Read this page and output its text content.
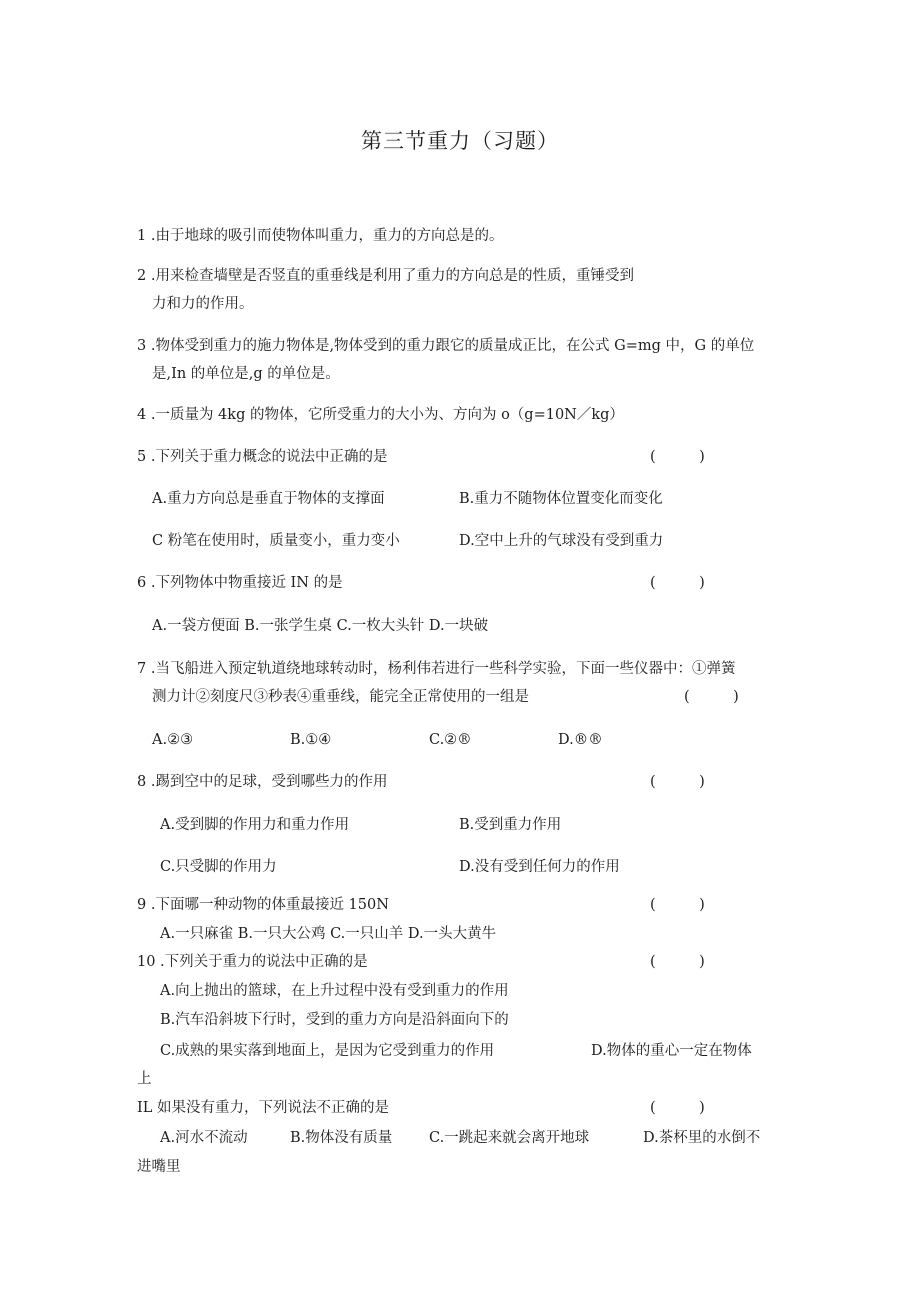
第三节重力（习题）
1 .由于地球的吸引而使物体叫重力，重力的方向总是的。
2 .用来检查墙壁是否竖直的重垂线是利用了重力的方向总是的性质，重锤受到
力和力的作用。
3 .物体受到重力的施力物体是,物体受到的重力跟它的质量成正比，在公式 G=mg 中，G 的单位
是,In 的单位是,g 的单位是。
4 .一质量为 4kg 的物体，它所受重力的大小为、方向为 o（g=10N／kg）
5 .下列关于重力概念的说法中正确的是	(　　　)
A.重力方向总是垂直于物体的支撑面	B.重力不随物体位置变化而变化
C 粉笔在使用时，质量变小，重力变小	D.空中上升的气球没有受到重力
6 .下列物体中物重接近 IN 的是	(　　　)
A.一袋方便面 B.一张学生桌 C.一枚大头针 D.一块破
7 .当飞船进入预定轨道绕地球转动时，杨利伟若进行一些科学实验，下面一些仪器中：①弹簧
测力计②刻度尺③秒表④重垂线，能完全正常使用的一组是	(　　　)
A.②③	B.①④	C.②®	D.®®
8 .踢到空中的足球，受到哪些力的作用	(　　　)
A.受到脚的作用力和重力作用	B.受到重力作用
C.只受脚的作用力	D.没有受到任何力的作用
9 .下面哪一种动物的体重最接近 150N	(　　　)
A.一只麻雀 B.一只大公鸡 C.一只山羊 D.一头大黄牛
10 .下列关于重力的说法中正确的是	(　　　)
A.向上抛出的篮球，在上升过程中没有受到重力的作用
B.汽车沿斜坡下行时，受到的重力方向是沿斜面向下的
C.成熟的果实落到地面上，是因为它受到重力的作用	D.物体的重心一定在物体
上
IL 如果没有重力，下列说法不正确的是	(　　　)
A.河水不流动	B.物体没有质量	C.一跳起来就会离开地球	D.茶杯里的水倒不
进嘴里
